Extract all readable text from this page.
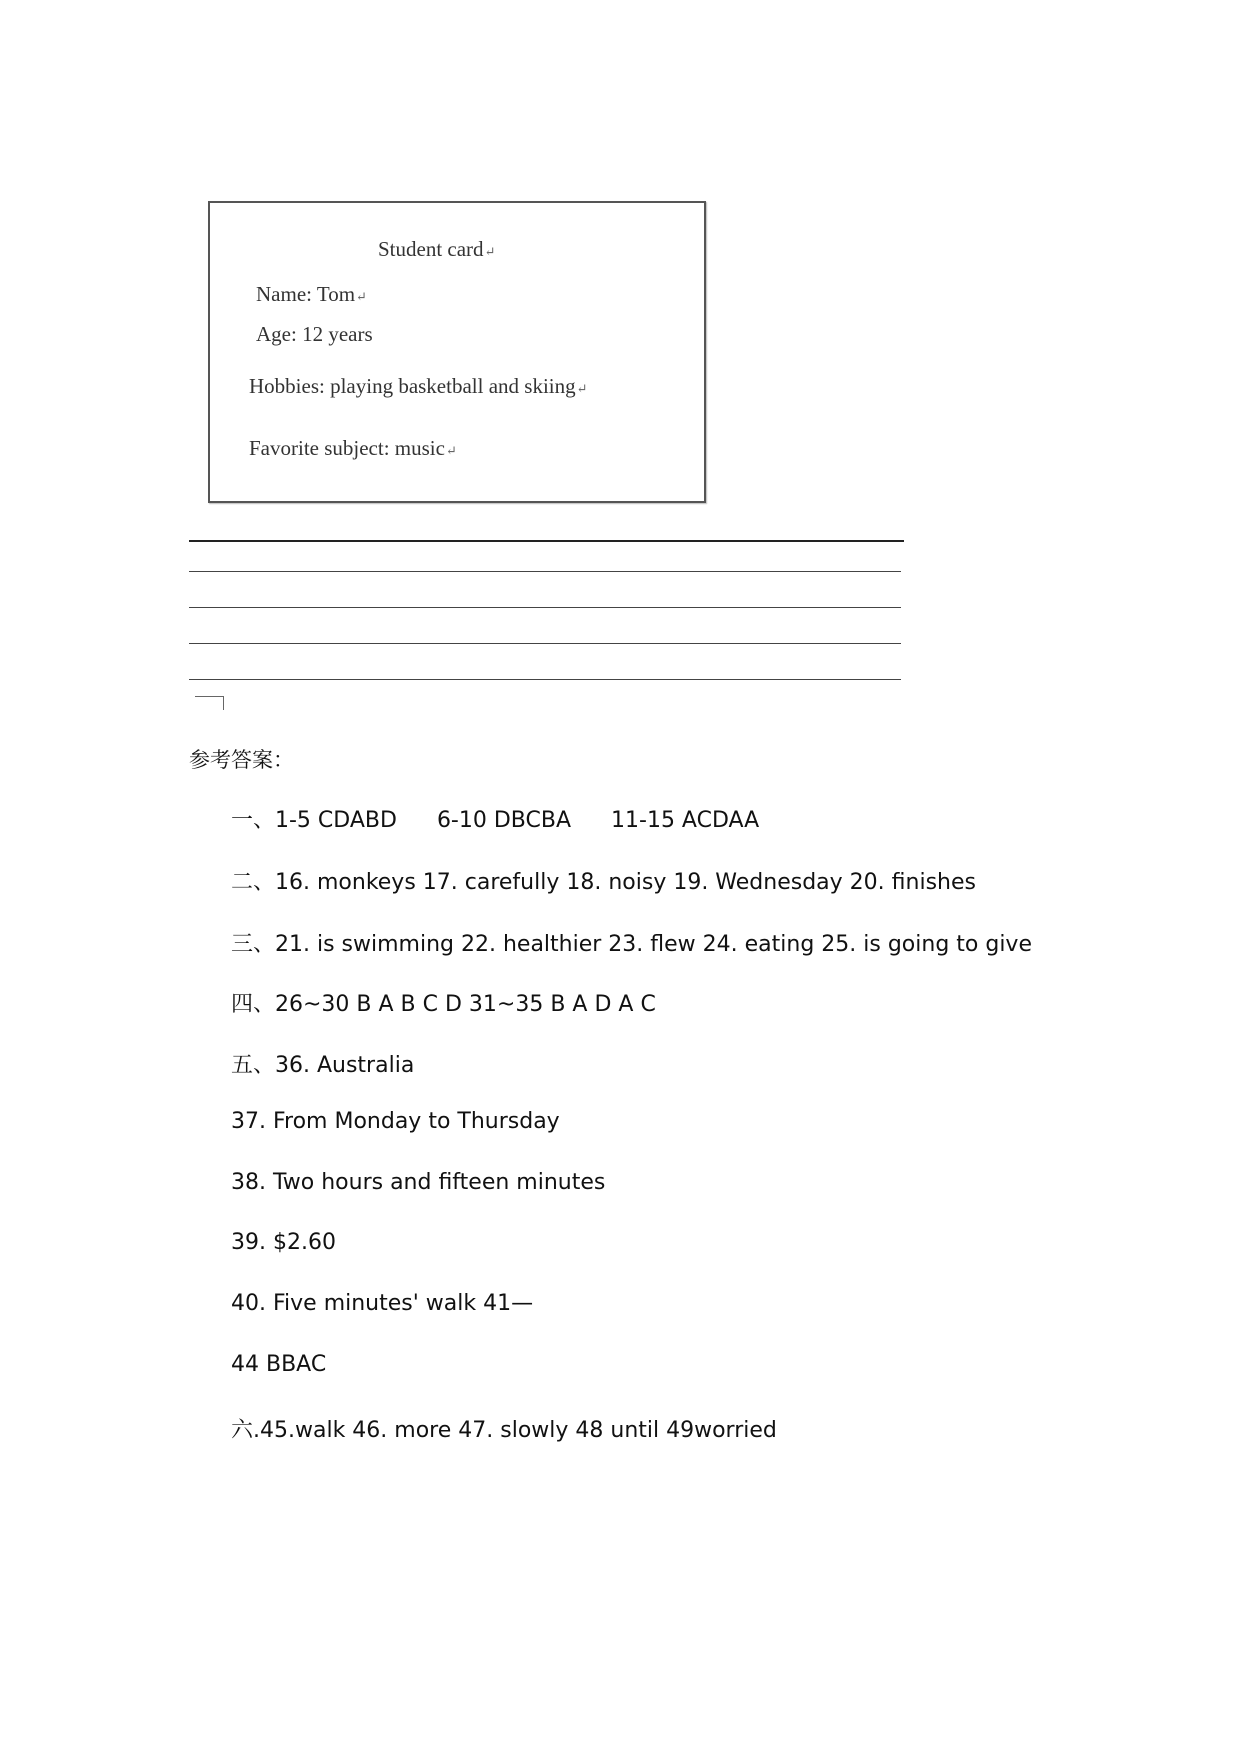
Student card↵
Name: Tom↵
Age: 12 years
Hobbies: playing basketball and skiing↵
Favorite subject: music↵
参考答案：
一、1-5 CDABD 6-10 DBCBA 11-15 ACDAA
二、16. monkeys 17. carefully 18. noisy 19. Wednesday 20. finishes
三、21. is swimming 22. healthier 23. flew 24. eating 25. is going to give
四、26~30 B A B C D 31~35 B A D A C
五、36. Australia
37. From Monday to Thursday
38. Two hours and fifteen minutes
39. $2.60
40. Five minutes' walk 41—
44 BBAC
六.45.walk 46. more 47. slowly 48 until 49worried
